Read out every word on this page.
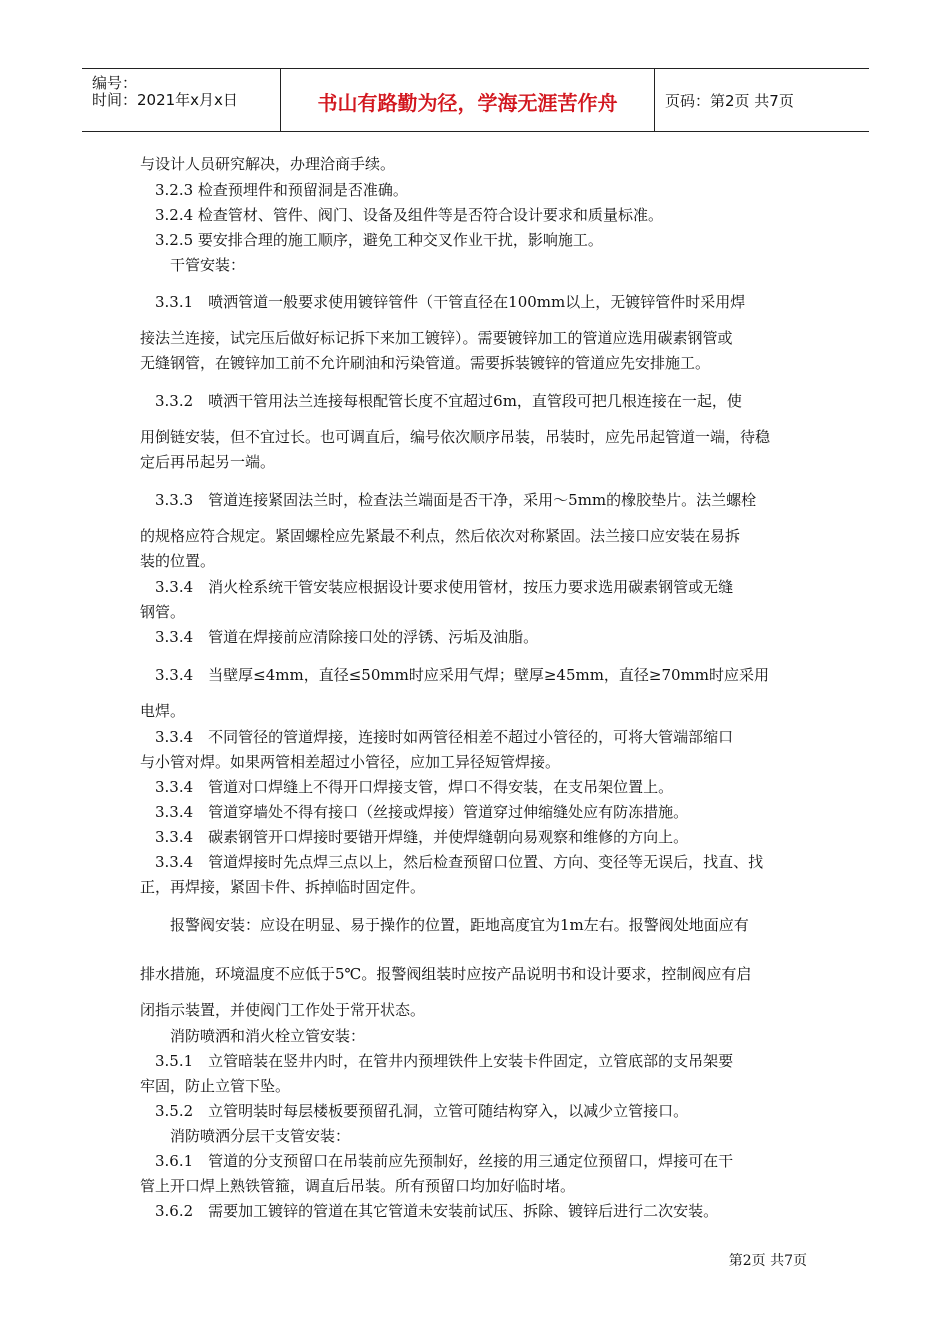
编号：
时间：2021年x月x日	书山有路勤为径，学海无涯苦作舟	页码：第2页 共7页
与设计人员研究解决，办理洽商手续。
　3.2.3 检查预埋件和预留洞是否准确。
　3.2.4 检查管材、管件、阀门、设备及组件等是否符合设计要求和质量标准。
　3.2.5 要安排合理的施工顺序，避免工种交叉作业干扰，影响施工。
　　干管安装：
　3.3.1　喷洒管道一般要求使用镀锌管件（干管直径在100mm以上，无镀锌管件时采用焊
接法兰连接，试完压后做好标记拆下来加工镀锌）。需要镀锌加工的管道应选用碳素钢管或
无缝钢管，在镀锌加工前不允许刷油和污染管道。需要拆装镀锌的管道应先安排施工。
　3.3.2　喷洒干管用法兰连接每根配管长度不宜超过6m，直管段可把几根连接在一起，使
用倒链安装，但不宜过长。也可调直后，编号依次顺序吊装，吊装时，应先吊起管道一端，待稳
定后再吊起另一端。
　3.3.3　管道连接紧固法兰时，检查法兰端面是否干净，采用～5mm的橡胶垫片。法兰螺栓
的规格应符合规定。紧固螺栓应先紧最不利点，然后依次对称紧固。法兰接口应安装在易拆
装的位置。
　3.3.4　消火栓系统干管安装应根据设计要求使用管材，按压力要求选用碳素钢管或无缝
钢管。
　3.3.4　管道在焊接前应清除接口处的浮锈、污垢及油脂。
　3.3.4　当壁厚≤4mm，直径≤50mm时应采用气焊；壁厚≥45mm，直径≥70mm时应采用
电焊。
　3.3.4　不同管径的管道焊接，连接时如两管径相差不超过小管径的，可将大管端部缩口
与小管对焊。如果两管相差超过小管径，应加工异径短管焊接。
　3.3.4　管道对口焊缝上不得开口焊接支管，焊口不得安装，在支吊架位置上。
　3.3.4　管道穿墙处不得有接口（丝接或焊接）管道穿过伸缩缝处应有防冻措施。
　3.3.4　碳素钢管开口焊接时要错开焊缝，并使焊缝朝向易观察和维修的方向上。
　3.3.4　管道焊接时先点焊三点以上，然后检查预留口位置、方向、变径等无误后，找直、找
正，再焊接，紧固卡件、拆掉临时固定件。
　　报警阀安装：应设在明显、易于操作的位置，距地高度宜为1m左右。报警阀处地面应有
排水措施，环境温度不应低于5℃。报警阀组装时应按产品说明书和设计要求，控制阀应有启
闭指示装置，并使阀门工作处于常开状态。
　　消防喷洒和消火栓立管安装：
　3.5.1　立管暗装在竖井内时，在管井内预埋铁件上安装卡件固定，立管底部的支吊架要
牢固，防止立管下坠。
　3.5.2　立管明装时每层楼板要预留孔洞，立管可随结构穿入，以减少立管接口。
　　消防喷洒分层干支管安装：
　3.6.1　管道的分支预留口在吊装前应先预制好，丝接的用三通定位预留口，焊接可在干
管上开口焊上熟铁管箍，调直后吊装。所有预留口均加好临时堵。
　3.6.2　需要加工镀锌的管道在其它管道未安装前试压、拆除、镀锌后进行二次安装。
第2页 共7页
